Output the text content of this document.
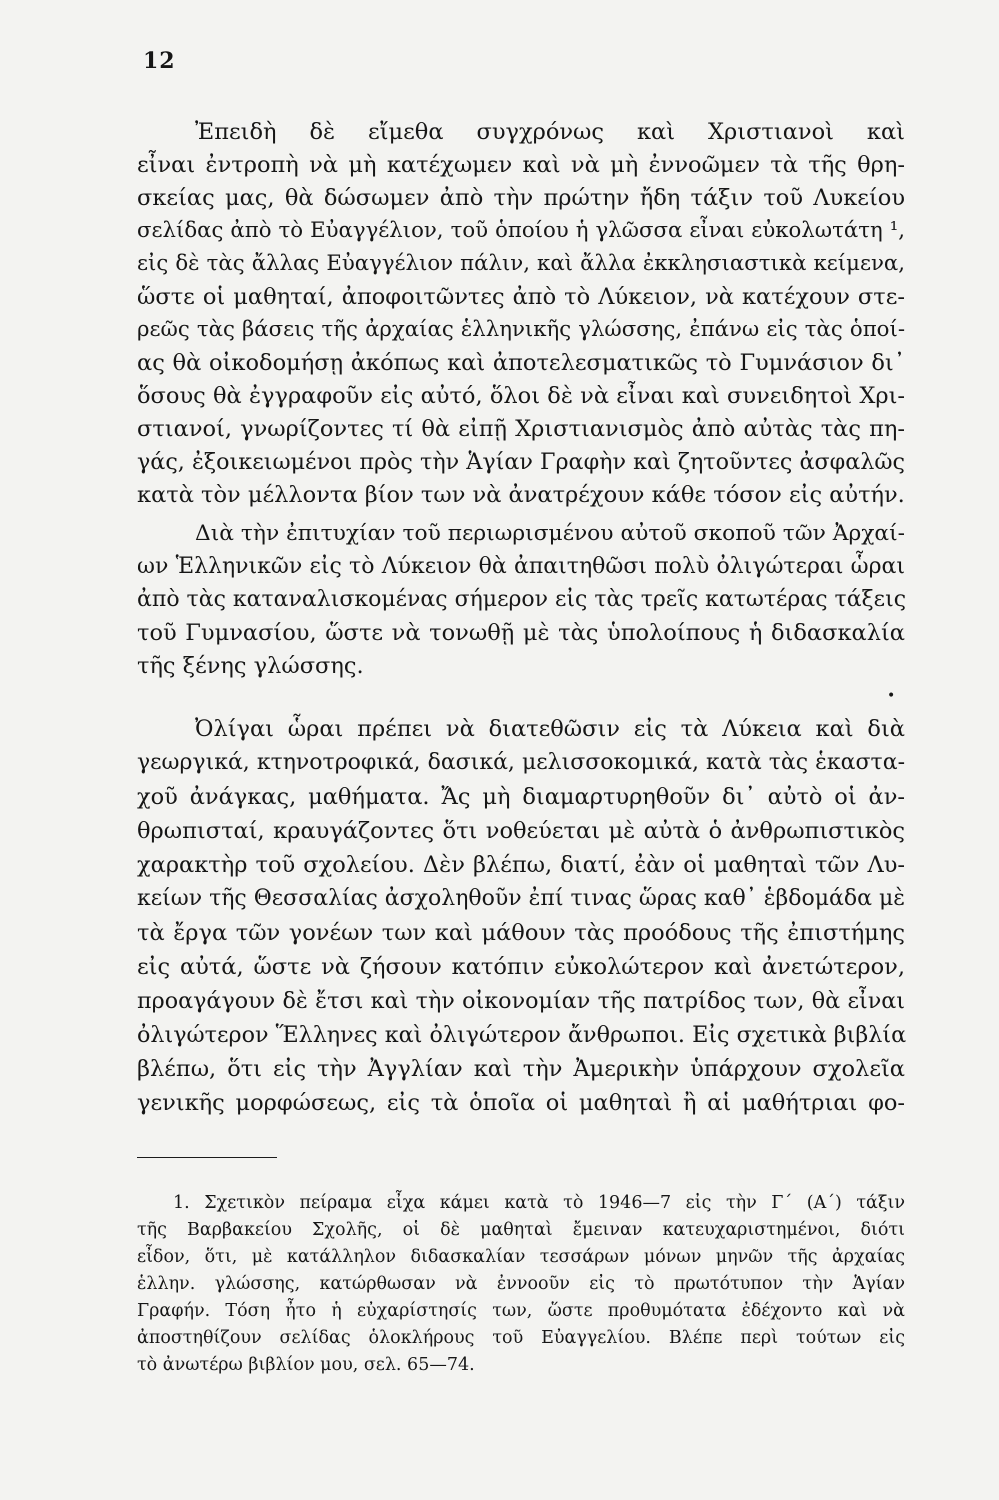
12
Ἐπειδὴ δὲ εἴμεθα συγχρόνως καὶ Χριστιανοὶ καὶ
εἶναι ἐντροπὴ νὰ μὴ κατέχωμεν καὶ νὰ μὴ ἐννοῶμεν τὰ τῆς θρη-
σκείας μας, θὰ δώσωμεν ἀπὸ τὴν πρώτην ἤδη τάξιν τοῦ Λυκείου
σελίδας ἀπὸ τὸ Εὐαγγέλιον, τοῦ ὁποίου ἡ γλῶσσα εἶναι εὐκολωτάτη ¹,
εἰς δὲ τὰς ἄλλας Εὐαγγέλιον πάλιν, καὶ ἄλλα ἐκκλησιαστικὰ κείμενα,
ὥστε οἱ μαθηταί, ἀποφοιτῶντες ἀπὸ τὸ Λύκειον, νὰ κατέχουν στε-
ρεῶς τὰς βάσεις τῆς ἀρχαίας ἑλληνικῆς γλώσσης, ἐπάνω εἰς τὰς ὁποί-
ας θὰ οἰκοδομήσῃ ἀκόπως καὶ ἀποτελεσματικῶς τὸ Γυμνάσιον δι᾽
ὅσους θὰ ἐγγραφοῦν εἰς αὐτό, ὅλοι δὲ νὰ εἶναι καὶ συνειδητοὶ Χρι-
στιανοί, γνωρίζοντες τί θὰ εἰπῇ Χριστιανισμὸς ἀπὸ αὐτὰς τὰς πη-
γάς, ἐξοικειωμένοι πρὸς τὴν Ἁγίαν Γραφὴν καὶ ζητοῦντες ἀσφαλῶς
κατὰ τὸν μέλλοντα βίον των νὰ ἀνατρέχουν κάθε τόσον εἰς αὐτήν.
Διὰ τὴν ἐπιτυχίαν τοῦ περιωρισμένου αὐτοῦ σκοποῦ τῶν Ἀρχαί-
ων Ἑλληνικῶν εἰς τὸ Λύκειον θὰ ἀπαιτηθῶσι πολὺ ὀλιγώτεραι ὧραι
ἀπὸ τὰς καταναλισκομένας σήμερον εἰς τὰς τρεῖς κατωτέρας τάξεις
τοῦ Γυμνασίου, ὥστε νὰ τονωθῇ μὲ τὰς ὑπολοίπους ἡ διδασκαλία
τῆς ξένης γλώσσης.
•
Ὀλίγαι ὧραι πρέπει νὰ διατεθῶσιν εἰς τὰ Λύκεια καὶ διὰ
γεωργικά, κτηνοτροφικά, δασικά, μελισσοκομικά, κατὰ τὰς ἑκαστα-
χοῦ ἀνάγκας, μαθήματα. Ἄς μὴ διαμαρτυρηθοῦν δι᾽ αὐτὸ οἱ ἀν-
θρωπισταί, κραυγάζοντες ὅτι νοθεύεται μὲ αὐτὰ ὁ ἀνθρωπιστικὸς
χαρακτὴρ τοῦ σχολείου. Δὲν βλέπω, διατί, ἐὰν οἱ μαθηταὶ τῶν Λυ-
κείων τῆς Θεσσαλίας ἀσχοληθοῦν ἐπί τινας ὥρας καθ᾽ ἑβδομάδα μὲ
τὰ ἔργα τῶν γονέων των καὶ μάθουν τὰς προόδους τῆς ἐπιστήμης
εἰς αὐτά, ὥστε νὰ ζήσουν κατόπιν εὐκολώτερον καὶ ἀνετώτερον,
προαγάγουν δὲ ἔτσι καὶ τὴν οἰκονομίαν τῆς πατρίδος των, θὰ εἶναι
ὀλιγώτερον Ἕλληνες καὶ ὀλιγώτερον ἄνθρωποι. Εἰς σχετικὰ βιβλία
βλέπω, ὅτι εἰς τὴν Ἀγγλίαν καὶ τὴν Ἀμερικὴν ὑπάρχουν σχολεῖα
γενικῆς μορφώσεως, εἰς τὰ ὁποῖα οἱ μαθηταὶ ἢ αἱ μαθήτριαι φο-
1. Σχετικὸν πείραμα εἶχα κάμει κατὰ τὸ 1946—7 εἰς τὴν Γ΄ (Α΄) τάξιν
τῆς Βαρβακείου Σχολῆς, οἱ δὲ μαθηταὶ ἔμειναν κατευχαριστημένοι, διότι
εἶδον, ὅτι, μὲ κατάλληλον διδασκαλίαν τεσσάρων μόνων μηνῶν τῆς ἀρχαίας
ἑλλην. γλώσσης, κατώρθωσαν νὰ ἐννοοῦν εἰς τὸ πρωτότυπον τὴν Ἁγίαν
Γραφήν. Τόση ἦτο ἡ εὐχαρίστησίς των, ὥστε προθυμότατα ἐδέχοντο καὶ νὰ
ἀποστηθίζουν σελίδας ὁλοκλήρους τοῦ Εὐαγγελίου. Βλέπε περὶ τούτων εἰς
τὸ ἀνωτέρω βιβλίον μου, σελ. 65—74.
